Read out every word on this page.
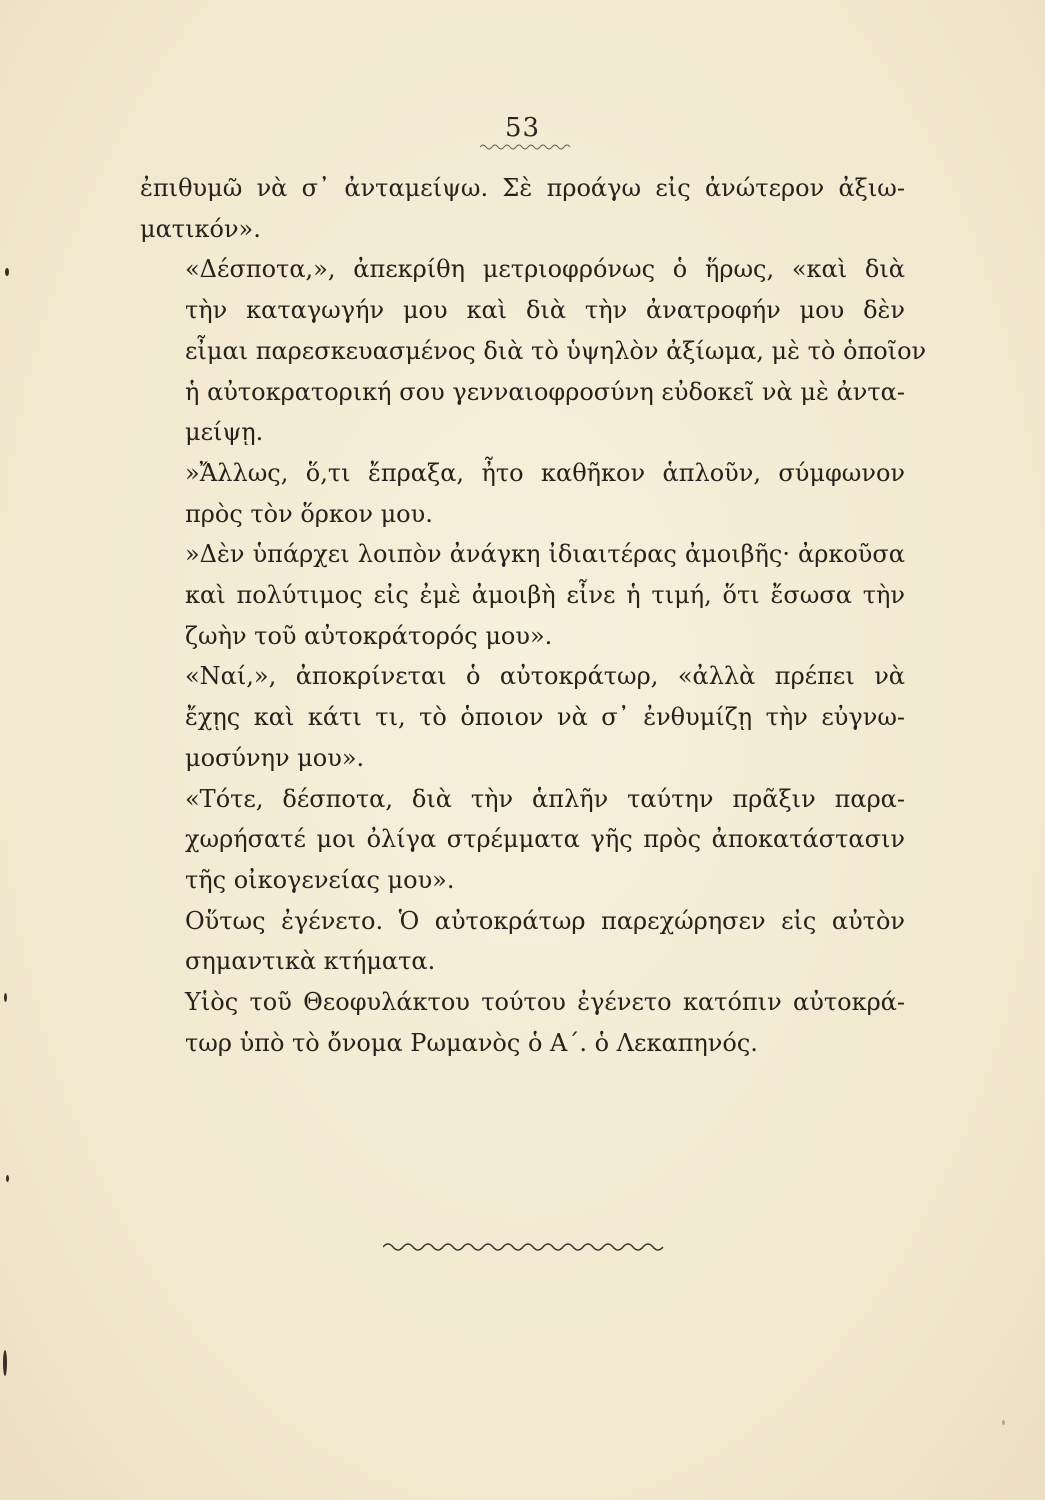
53

ἐπιθυμῶ νὰ σ᾽ ἀνταμείψω. Σὲ προάγω εἰς ἀνώτερον ἀξιω-
ματικόν».

«Δέσποτα,», ἀπεκρίθη μετριοφρόνως ὁ ἥρως, «καὶ διὰ
τὴν καταγωγήν μου καὶ διὰ τὴν ἀνατροφήν μου δὲν
εἶμαι παρεσκευασμένος διὰ τὸ ὑψηλὸν ἀξίωμα, μὲ τὸ ὁποῖον
ἡ αὐτοκρατορική σου γενναιοφροσύνη εὐδοκεῖ νὰ μὲ ἀντα-
μείψῃ.

»Ἄλλως, ὅ,τι ἔπραξα, ἦτο καθῆκον ἁπλοῦν, σύμφωνον
πρὸς τὸν ὅρκον μου.

»Δὲν ὑπάρχει λοιπὸν ἀνάγκη ἰδιαιτέρας ἀμοιβῆς· ἀρκοῦσα
καὶ πολύτιμος εἰς ἐμὲ ἀμοιβὴ εἶνε ἡ τιμή, ὅτι ἔσωσα τὴν
ζωὴν τοῦ αὐτοκράτορός μου».

«Ναί,», ἀποκρίνεται ὁ αὐτοκράτωρ, «ἀλλὰ πρέπει νὰ
ἔχῃς καὶ κάτι τι, τὸ ὁποιον νὰ σ᾽ ἐνθυμίζῃ τὴν εὐγνω-
μοσύνην μου».

«Τότε, δέσποτα, διὰ τὴν ἁπλῆν ταύτην πρᾶξιν παρα-
χωρήσατέ μοι ὀλίγα στρέμματα γῆς πρὸς ἀποκατάστασιν
τῆς οἰκογενείας μου».

Οὕτως ἐγένετο. Ὁ αὐτοκράτωρ παρεχώρησεν εἰς αὐτὸν
σημαντικὰ κτήματα.

Υἱὸς τοῦ Θεοφυλάκτου τούτου ἐγένετο κατόπιν αὐτοκρά-
τωρ ὑπὸ τὸ ὄνομα Ρωμανὸς ὁ Α΄. ὁ Λεκαπηνός.
